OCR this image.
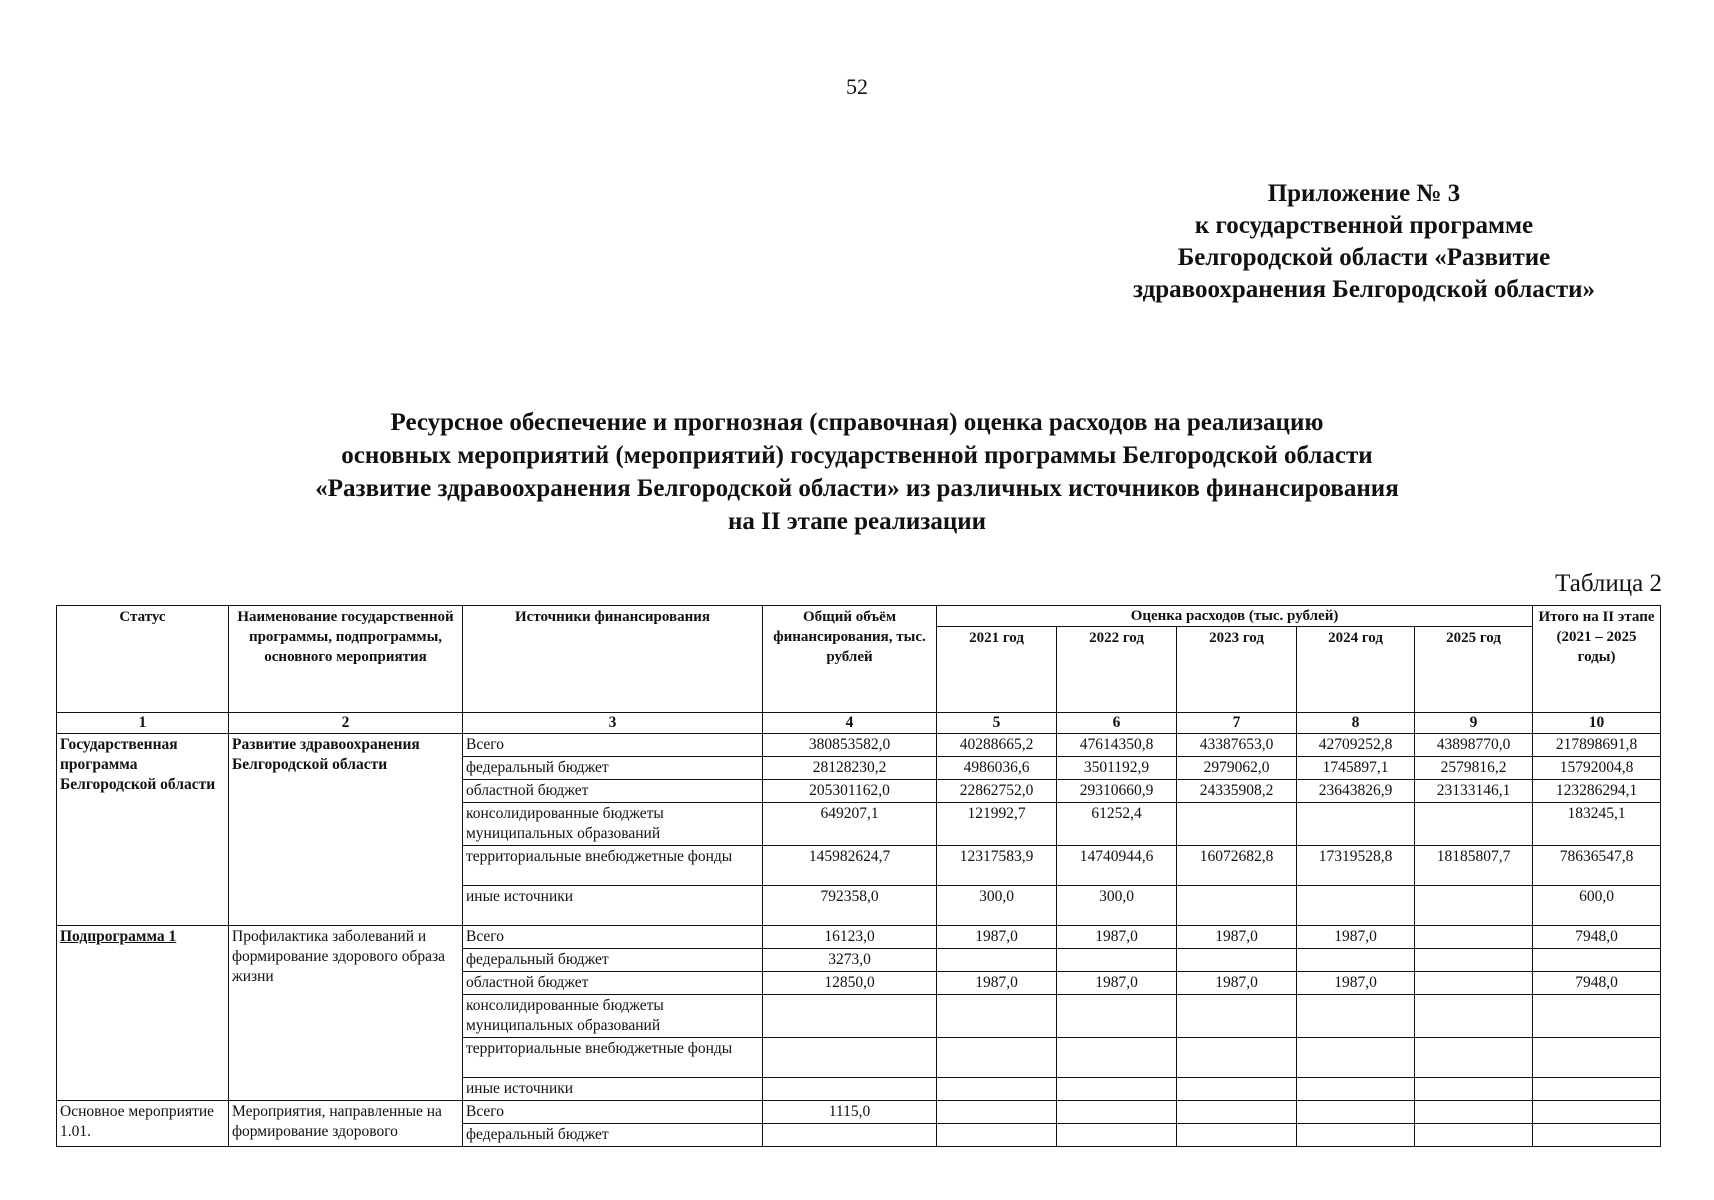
52
Приложение № 3
к государственной программе
Белгородской области «Развитие
здравоохранения Белгородской области»
Ресурсное обеспечение и прогнозная (справочная) оценка расходов на реализацию
основных мероприятий (мероприятий) государственной программы Белгородской области
«Развитие здравоохранения Белгородской области» из различных источников финансирования
на II этапе реализации
Таблица 2
Статус	Наименование государственной программы, подпрограммы, основного мероприятия	Источники финансирования	Общий объём финансирования, тыс. рублей	Оценка расходов (тыс. рублей)					Итого на II этапе (2021 – 2025 годы)
				2021 год	2022 год	2023 год	2024 год	2025 год	
1	2	3	4	5	6	7	8	9	10
Государственная программа Белгородской области	Развитие здравоохранения Белгородской области	Всего	380853582,0	40288665,2	47614350,8	43387653,0	42709252,8	43898770,0	217898691,8
		федеральный бюджет	28128230,2	4986036,6	3501192,9	2979062,0	1745897,1	2579816,2	15792004,8
		областной бюджет	205301162,0	22862752,0	29310660,9	24335908,2	23643826,9	23133146,1	123286294,1
		консолидированные бюджеты муниципальных образований	649207,1	121992,7	61252,4				183245,1
		территориальные внебюджетные фонды	145982624,7	12317583,9	14740944,6	16072682,8	17319528,8	18185807,7	78636547,8
		иные источники	792358,0	300,0	300,0				600,0
Подпрограмма 1	Профилактика заболеваний и формирование здорового образа жизни	Всего	16123,0	1987,0	1987,0	1987,0	1987,0		7948,0
		федеральный бюджет	3273,0						
		областной бюджет	12850,0	1987,0	1987,0	1987,0	1987,0		7948,0
		консолидированные бюджеты муниципальных образований							
		территориальные внебюджетные фонды							
		иные источники							
Основное мероприятие 1.01.	Мероприятия, направленные на формирование здорового	Всего	1115,0						
		федеральный бюджет							
